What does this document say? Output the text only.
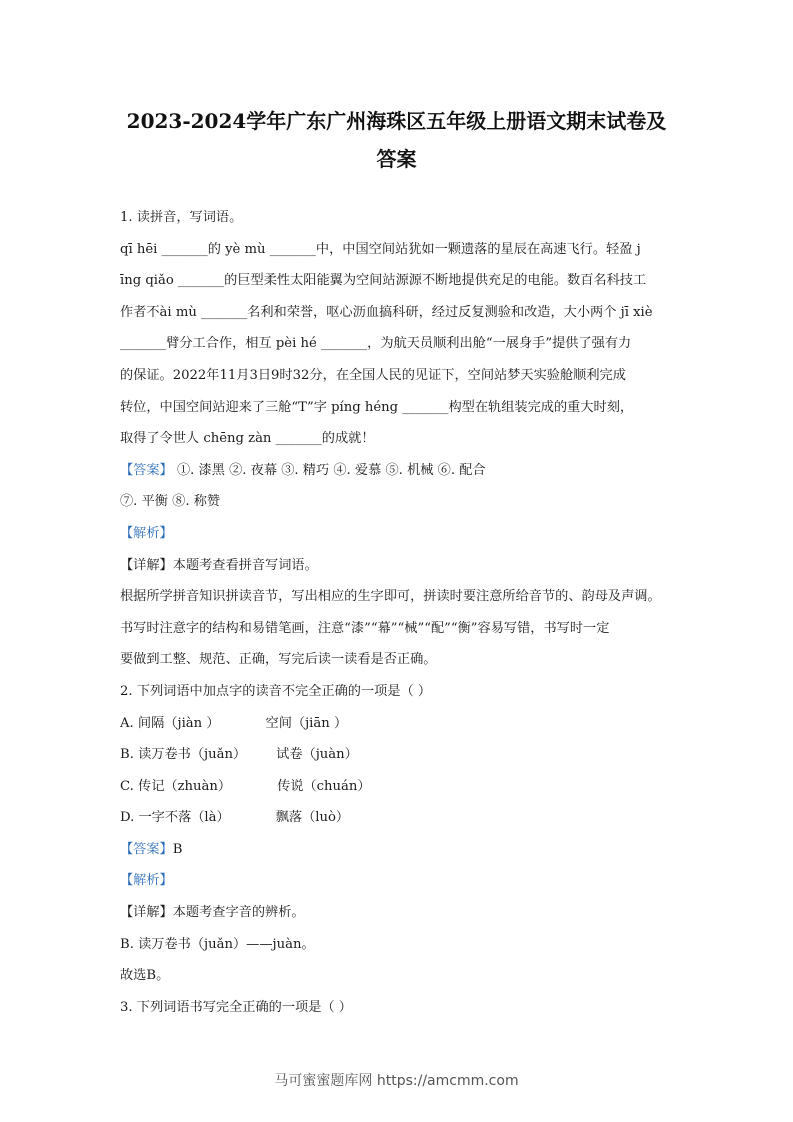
2023-2024学年广东广州海珠区五年级上册语文期末试卷及
答案

1. 读拼音，写词语。

qī hēi _______的 yè mù _______中，中国空间站犹如一颗遗落的星辰在高速飞行。轻盈 j

īng qiǎo _______的巨型柔性太阳能翼为空间站源源不断地提供充足的电能。数百名科技工

作者不ài mù _______名利和荣誉，呕心沥血搞科研，经过反复测验和改造，大小两个 jī xiè

_______臂分工合作，相互 pèi hé _______，为航天员顺利出舱“一展身手”提供了强有力

的保证。2022年11月3日9时32分，在全国人民的见证下，空间站梦天实验舱顺利完成

转位，中国空间站迎来了三舱“T”字 píng héng _______构型在轨组装完成的重大时刻，

取得了令世人 chēng zàn _______的成就！

【答案】 ①. 漆黑 ②. 夜幕 ③. 精巧 ④. 爱慕 ⑤. 机械 ⑥. 配合

⑦. 平衡 ⑧. 称赞

【解析】

【详解】本题考查看拼音写词语。

根据所学拼音知识拼读音节，写出相应的生字即可，拼读时要注意所给音节的、韵母及声调。

书写时注意字的结构和易错笔画，注意“漆”“幕”“械”“配”“衡”容易写错，书写时一定

要做到工整、规范、正确，写完后读一读看是否正确。

2. 下列词语中加点字的读音不完全正确的一项是（ ）

A. 间隔（jiàn ）	空间（jiān ）

B. 读万卷书（juǎn） 试卷（juàn）

C. 传记（zhuàn）	传说（chuán）

D. 一字不落（là）	飘落（luò）

【答案】B

【解析】

【详解】本题考查字音的辨析。

B. 读万卷书（juǎn）——juàn。

故选B。

3. 下列词语书写完全正确的一项是（ ）

马可蜜蜜题库网 https://amcmm.com
